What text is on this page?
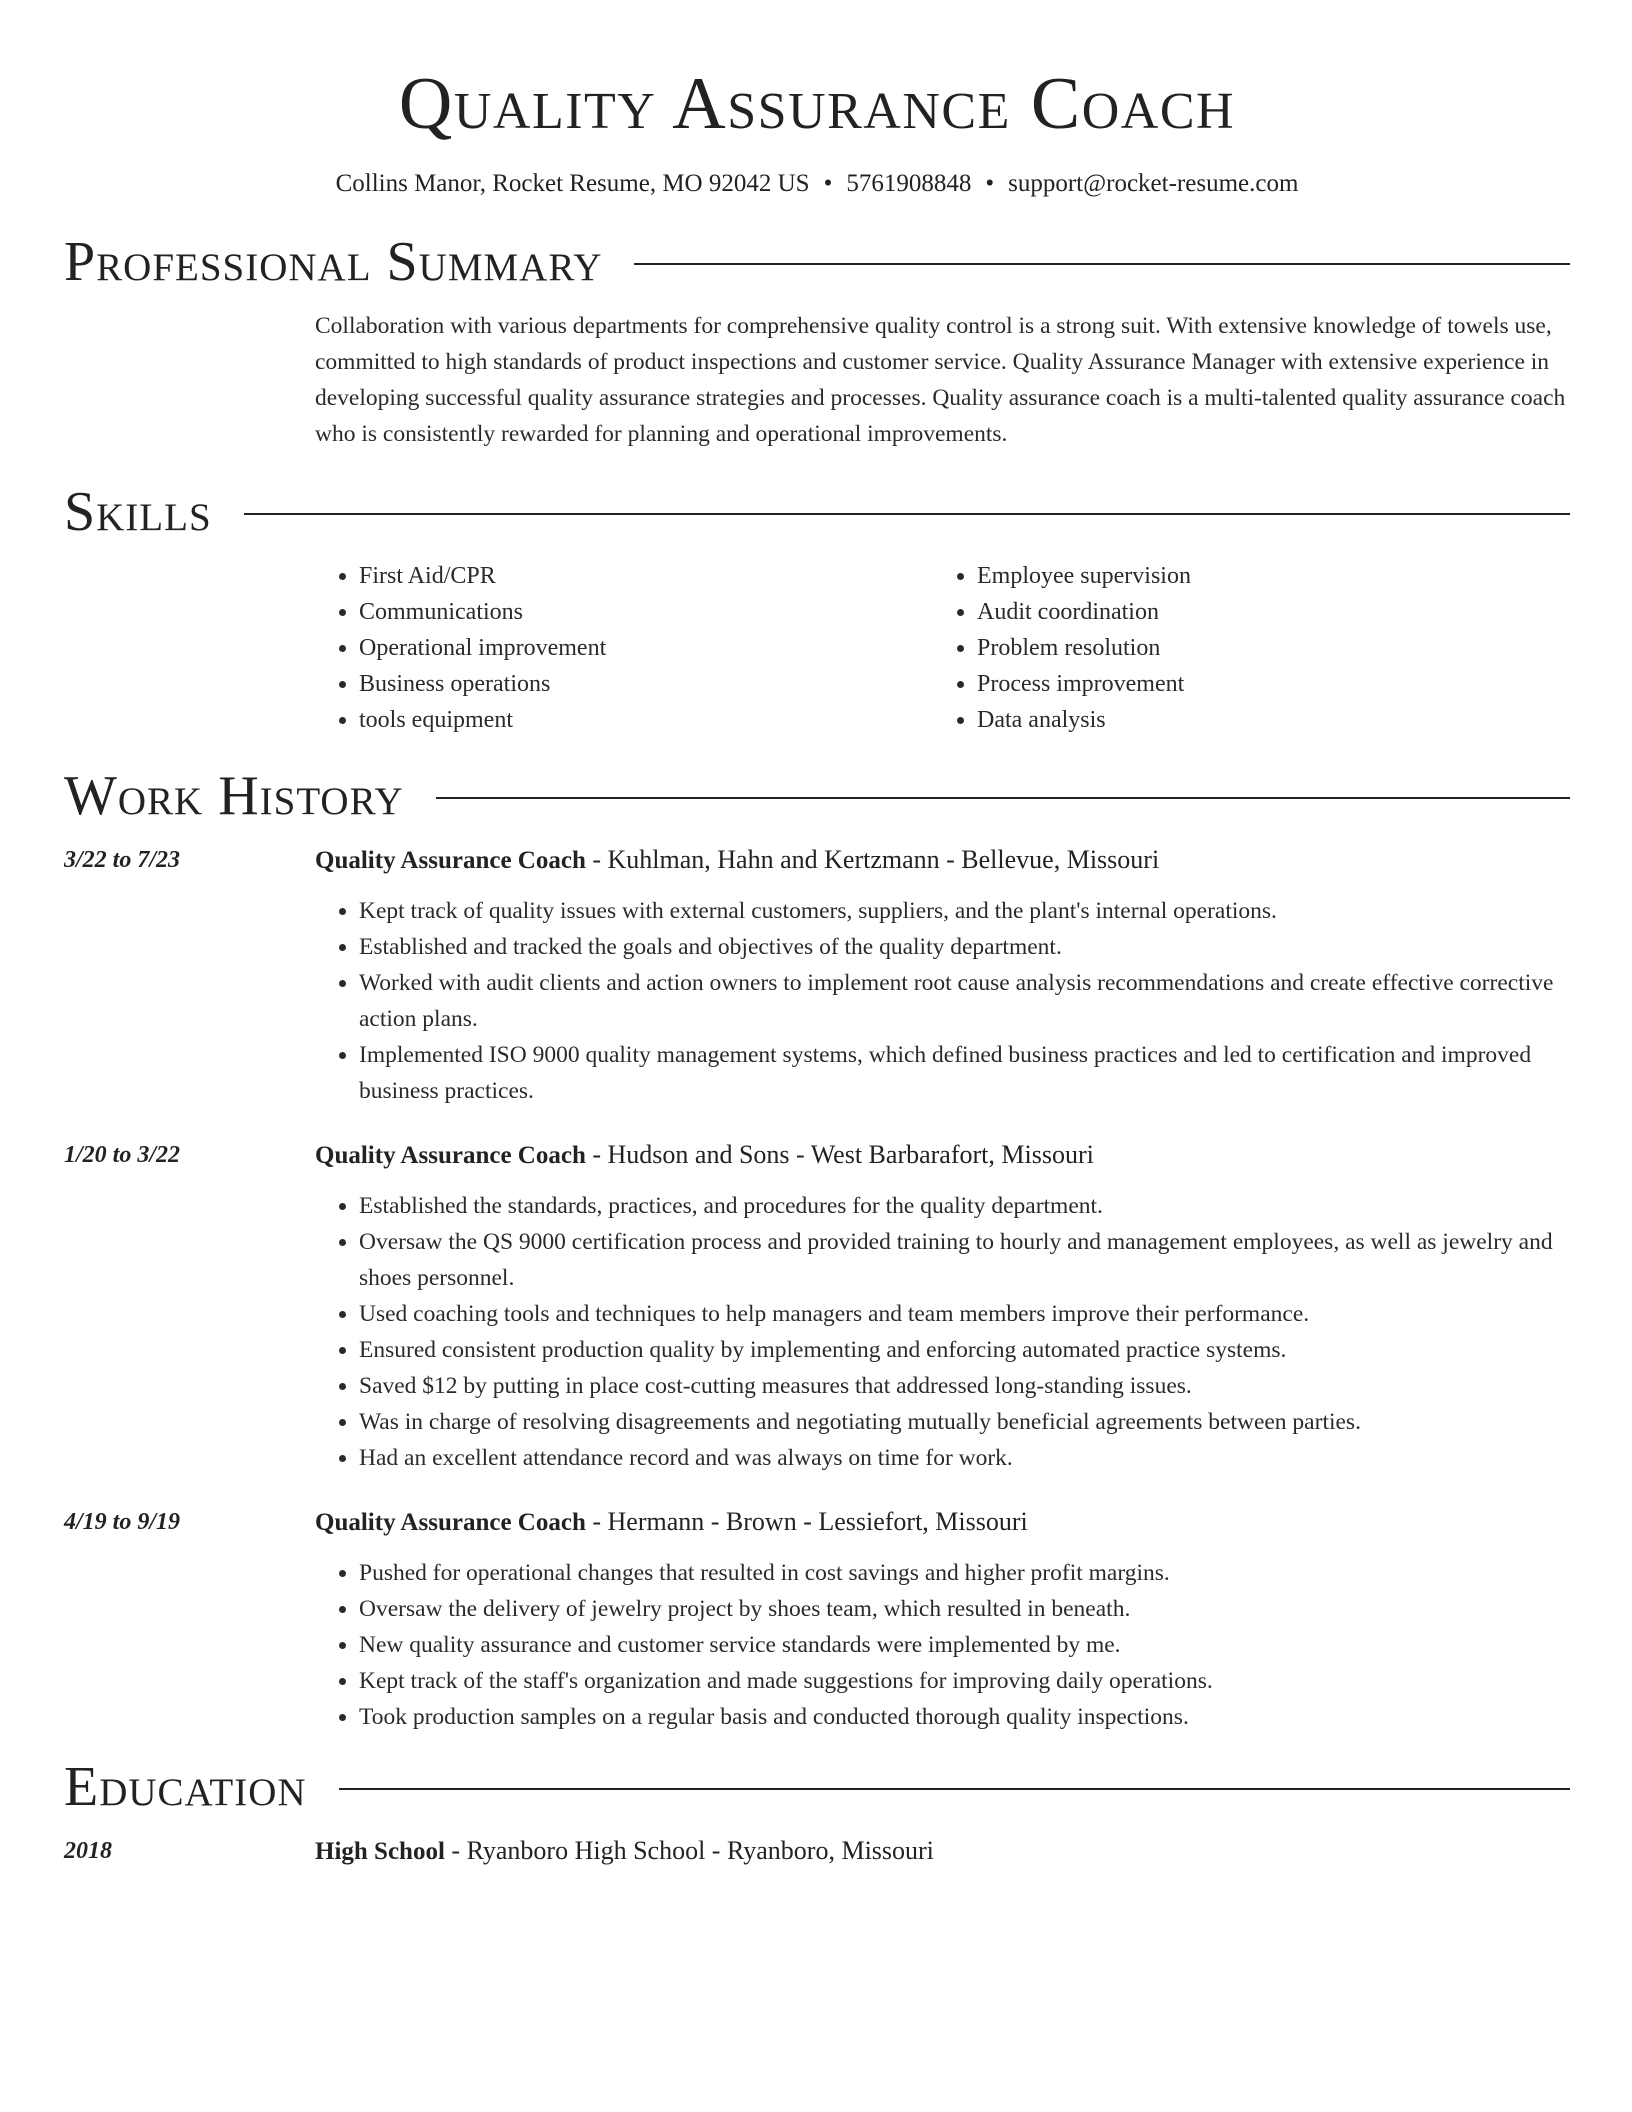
Quality Assurance Coach
Collins Manor, Rocket Resume, MO 92042 US • 5761908848 • support@rocket-resume.com
Professional Summary
Collaboration with various departments for comprehensive quality control is a strong suit. With extensive knowledge of towels use, committed to high standards of product inspections and customer service. Quality Assurance Manager with extensive experience in developing successful quality assurance strategies and processes. Quality assurance coach is a multi-talented quality assurance coach who is consistently rewarded for planning and operational improvements.
Skills
• First Aid/CPR
• Communications
• Operational improvement
• Business operations
• tools equipment
• Employee supervision
• Audit coordination
• Problem resolution
• Process improvement
• Data analysis
Work History
3/22 to 7/23	Quality Assurance Coach - Kuhlman, Hahn and Kertzmann - Bellevue, Missouri
• Kept track of quality issues with external customers, suppliers, and the plant's internal operations.
• Established and tracked the goals and objectives of the quality department.
• Worked with audit clients and action owners to implement root cause analysis recommendations and create effective corrective action plans.
• Implemented ISO 9000 quality management systems, which defined business practices and led to certification and improved business practices.
1/20 to 3/22	Quality Assurance Coach - Hudson and Sons - West Barbarafort, Missouri
• Established the standards, practices, and procedures for the quality department.
• Oversaw the QS 9000 certification process and provided training to hourly and management employees, as well as jewelry and shoes personnel.
• Used coaching tools and techniques to help managers and team members improve their performance.
• Ensured consistent production quality by implementing and enforcing automated practice systems.
• Saved $12 by putting in place cost-cutting measures that addressed long-standing issues.
• Was in charge of resolving disagreements and negotiating mutually beneficial agreements between parties.
• Had an excellent attendance record and was always on time for work.
4/19 to 9/19	Quality Assurance Coach - Hermann - Brown - Lessiefort, Missouri
• Pushed for operational changes that resulted in cost savings and higher profit margins.
• Oversaw the delivery of jewelry project by shoes team, which resulted in beneath.
• New quality assurance and customer service standards were implemented by me.
• Kept track of the staff's organization and made suggestions for improving daily operations.
• Took production samples on a regular basis and conducted thorough quality inspections.
Education
2018	High School - Ryanboro High School - Ryanboro, Missouri
